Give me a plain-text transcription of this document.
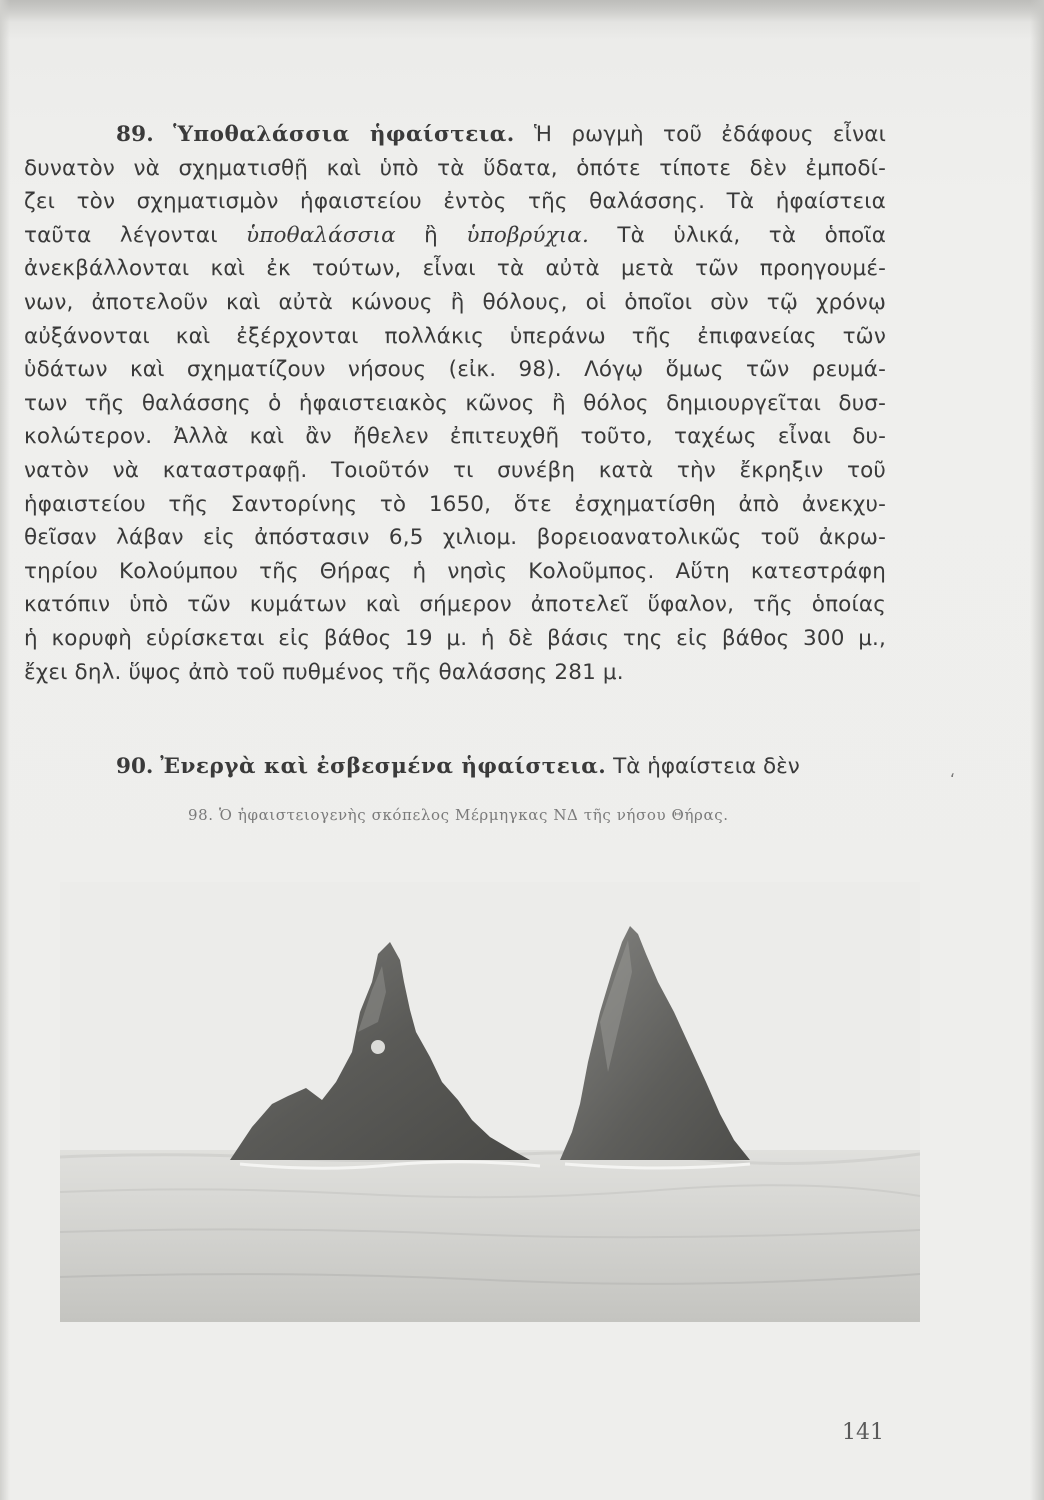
89. Ὑποθαλάσσια ἡφαίστεια. Ἡ ρωγμὴ τοῦ ἐδάφους εἶναι
δυνατὸν νὰ σχηματισθῇ καὶ ὑπὸ τὰ ὕδατα, ὁπότε τίποτε δὲν ἐμποδί-
ζει τὸν σχηματισμὸν ἡφαιστείου ἐντὸς τῆς θαλάσσης. Τὰ ἡφαίστεια
ταῦτα λέγονται ὑποθαλάσσια ἢ ὑποβρύχια. Τὰ ὑλικά, τὰ ὁποῖα
ἀνεκβάλλονται καὶ ἐκ τούτων, εἶναι τὰ αὐτὰ μετὰ τῶν προηγουμέ-
νων, ἀποτελοῦν καὶ αὐτὰ κώνους ἢ θόλους, οἱ ὁποῖοι σὺν τῷ χρόνῳ
αὐξάνονται καὶ ἐξέρχονται πολλάκις ὑπεράνω τῆς ἐπιφανείας τῶν
ὑδάτων καὶ σχηματίζουν νήσους (εἰκ. 98). Λόγῳ ὅμως τῶν ρευμά-
των τῆς θαλάσσης ὁ ἡφαιστειακὸς κῶνος ἢ θόλος δημιουργεῖται δυσ-
κολώτερον. Ἀλλὰ καὶ ἂν ἤθελεν ἐπιτευχθῆ τοῦτο, ταχέως εἶναι δυ-
νατὸν νὰ καταστραφῇ. Τοιοῦτόν τι συνέβη κατὰ τὴν ἔκρηξιν τοῦ
ἡφαιστείου τῆς Σαντορίνης τὸ 1650, ὅτε ἐσχηματίσθη ἀπὸ ἀνεκχυ-
θεῖσαν λάβαν εἰς ἀπόστασιν 6,5 χιλιομ. βορειοανατολικῶς τοῦ ἀκρω-
τηρίου Κολούμπου τῆς Θήρας ἡ νησὶς Κολοῦμπος. Αὕτη κατεστράφη
κατόπιν ὑπὸ τῶν κυμάτων καὶ σήμερον ἀποτελεῖ ὕφαλον, τῆς ὁποίας
ἡ κορυφὴ εὑρίσκεται εἰς βάθος 19 μ. ἡ δὲ βάσις της εἰς βάθος 300 μ.,
ἔχει δηλ. ὕψος ἀπὸ τοῦ πυθμένος τῆς θαλάσσης 281 μ.
90. Ἐνεργὰ καὶ ἐσβεσμένα ἡφαίστεια. Τὰ ἡφαίστεια δὲν
ʻ
98. Ὁ ἡφαιστειογενὴς σκόπελος Μέρμηγκας ΝΔ τῆς νήσου Θήρας.
141
